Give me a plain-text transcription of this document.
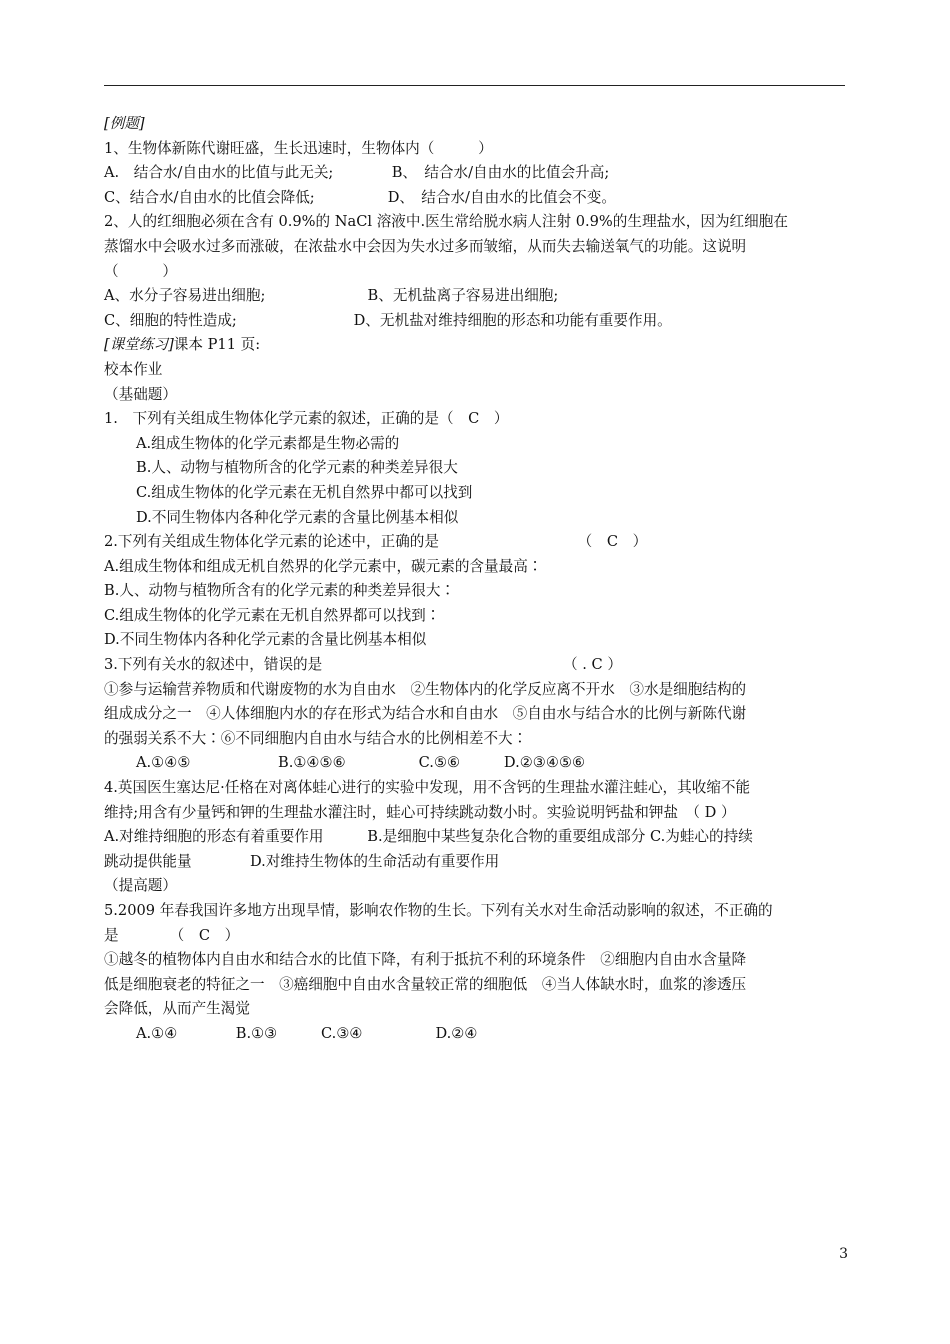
[例题]
1、生物体新陈代谢旺盛，生长迅速时，生物体内（　　　）
A.　结合水/自由水的比值与此无关;　　　　B、　结合水/自由水的比值会升高;
C、结合水/自由水的比值会降低;　　　　　D、　结合水/自由水的比值会不变。
2、人的红细胞必须在含有 0.9%的 NaCl 溶液中.医生常给脱水病人注射 0.9%的生理盐水，因为红细胞在
蒸馏水中会吸水过多而涨破，在浓盐水中会因为失水过多而皱缩，从而失去输送氧气的功能。这说明
（　　　）
A、水分子容易进出细胞;　　　　　　　B、无机盐离子容易进出细胞;
C、细胞的特性造成;　　　　　　　　D、无机盐对维持细胞的形态和功能有重要作用。
[课堂练习]课本 P11 页:
校本作业
（基础题）
1.　下列有关组成生物体化学元素的叙述，正确的是（　C　）
A.组成生物体的化学元素都是生物必需的
B.人、动物与植物所含的化学元素的种类差异很大
C.组成生物体的化学元素在无机自然界中都可以找到
D.不同生物体内各种化学元素的含量比例基本相似
2.下列有关组成生物体化学元素的论述中，正确的是　　　　　　　　　　（　C　）
A.组成生物体和组成无机自然界的化学元素中，碳元素的含量最高∶
B.人、动物与植物所含有的化学元素的种类差异很大∶
C.组成生物体的化学元素在无机自然界都可以找到∶
D.不同生物体内各种化学元素的含量比例基本相似
3.下列有关水的叙述中，错误的是　　　　　　　　　　　　　　　　　（ . C ）
①参与运输营养物质和代谢废物的水为自由水　②生物体内的化学反应离不开水　③水是细胞结构的
组成成分之一　④人体细胞内水的存在形式为结合水和自由水　⑤自由水与结合水的比例与新陈代谢
的强弱关系不大∶⑥不同细胞内自由水与结合水的比例相差不大∶
A.①④⑤　　　　　　B.①④⑤⑥　　　　　C.⑤⑥　　　D.②③④⑤⑥
4.英国医生塞达尼·任格在对离体蛙心进行的实验中发现，用不含钙的生理盐水灌注蛙心，其收缩不能
维持;用含有少量钙和钾的生理盐水灌注时，蛙心可持续跳动数小时。实验说明钙盐和钾盐　（ D ）
A.对维持细胞的形态有着重要作用　　　B.是细胞中某些复杂化合物的重要组成部分 C.为蛙心的持续
跳动提供能量　　　　D.对维持生物体的生命活动有重要作用
（提高题）
5.2009 年春我国许多地方出现旱情，影响农作物的生长。下列有关水对生命活动影响的叙述，不正确的
是　　　　（　C　）
①越冬的植物体内自由水和结合水的比值下降，有利于抵抗不利的环境条件　②细胞内自由水含量降
低是细胞衰老的特征之一　③癌细胞中自由水含量较正常的细胞低　④当人体缺水时，血浆的渗透压
会降低，从而产生渴觉
A.①④　　　　B.①③　　　C.③④　　　　　D.②④
3
